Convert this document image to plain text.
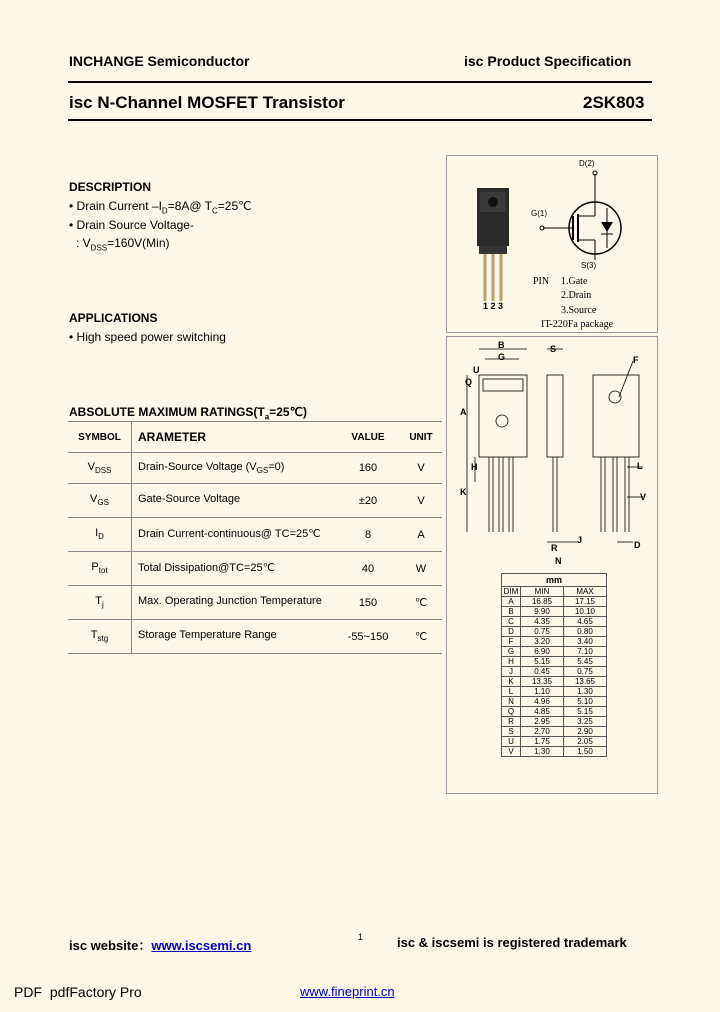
INCHANGE Semiconductor	isc Product Specification
isc N-Channel MOSFET Transistor	2SK803
DESCRIPTION
• Drain Current $-I_D=8A@$ $T_C=25℃$
• Drain Source Voltage-
: $V_{DSS}=160V(Min)$
APPLICATIONS
• High speed power switching
D(2)
G(1)
S(3)
PIN 1.Gate
2.Drain
3.Source
IT-220Fa package
1 2 3
B
G
S
U
Q
A
H
K
F
L
V
J
R
N
D
mm		
DIM	MIN	MAX
A	16.85	17.15
B	9.90	10.10
C	4.35	4.65
D	0.75	0.80
F	3.20	3.40
G	6.90	7.10
H	5.15	5.45
J	0.45	0.75
K	13.35	13.65
L	1.10	1.30
N	4.96	5.10
Q	4.85	5.15
R	2.95	3.25
S	2.70	2.90
U	1.75	2.05
V	1.30	1.50
ABSOLUTE MAXIMUM $RATINGS(T_a=25℃)$
SYMBOL	ARAMETER	VALUE	UNIT
$V_{DSS}$	Drain-Source Voltage $(V_{GS}=0)$	160	V
$V_{GS}$	Gate-Source Voltage	±20	V
$I_D$	Drain Current-continuous@ TC=25℃	8	A
$P_{tot}$	Total Dissipation@TC=25℃	40	W
$T_j$	Max. Operating Junction Temperature	150	℃
$T_{stg}$	Storage Temperature Range	-55~150	℃
isc website：www.iscsemi.cn
1	isc & iscsemi is registered trademark
PDF pdfFactory Pro	www.fineprint.cn
